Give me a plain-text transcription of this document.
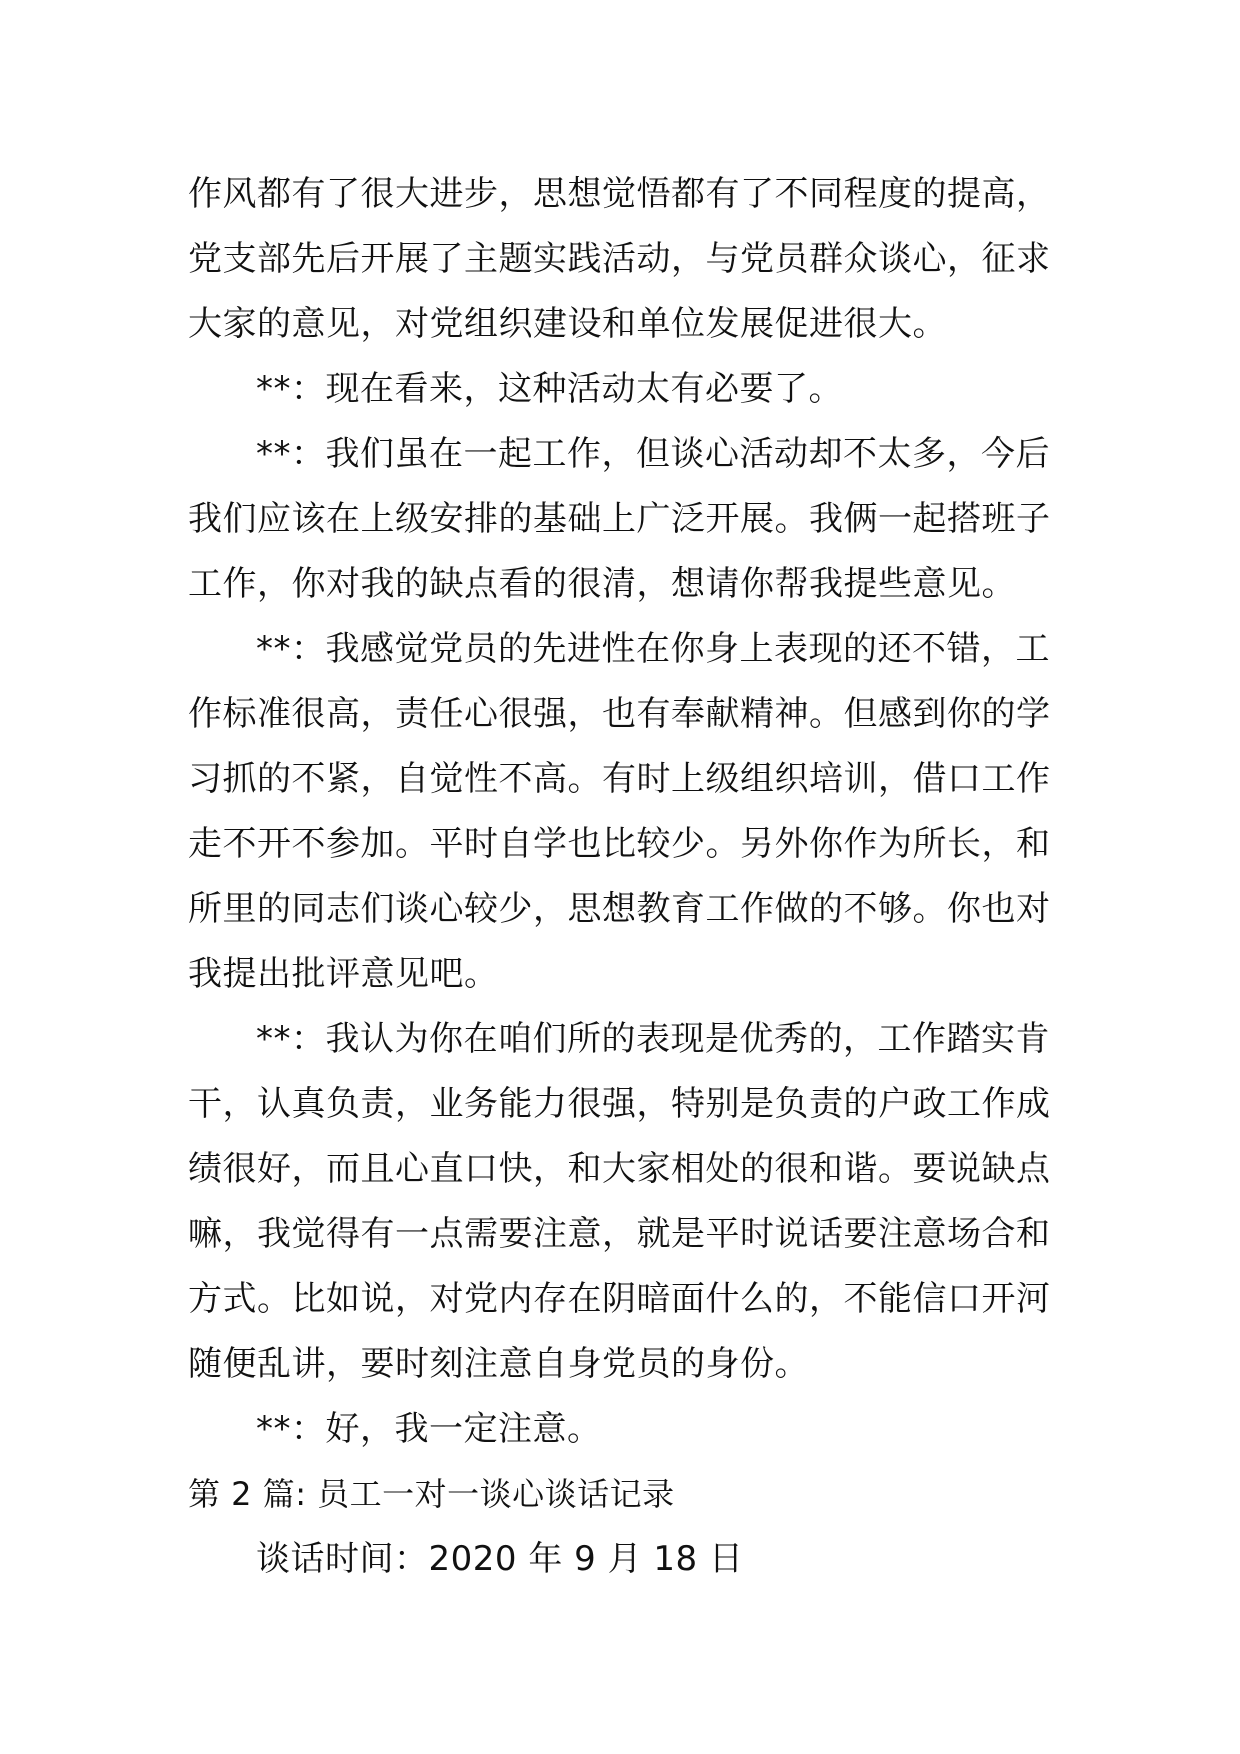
作风都有了很大进步，思想觉悟都有了不同程度的提高，
党支部先后开展了主题实践活动，与党员群众谈心，征求
大家的意见，对党组织建设和单位发展促进很大。
**：现在看来，这种活动太有必要了。
**：我们虽在一起工作，但谈心活动却不太多，今后
我们应该在上级安排的基础上广泛开展。我俩一起搭班子
工作，你对我的缺点看的很清，想请你帮我提些意见。
**：我感觉党员的先进性在你身上表现的还不错，工
作标准很高，责任心很强，也有奉献精神。但感到你的学
习抓的不紧，自觉性不高。有时上级组织培训，借口工作
走不开不参加。平时自学也比较少。另外你作为所长，和
所里的同志们谈心较少，思想教育工作做的不够。你也对
我提出批评意见吧。
**：我认为你在咱们所的表现是优秀的，工作踏实肯
干，认真负责，业务能力很强，特别是负责的户政工作成
绩很好，而且心直口快，和大家相处的很和谐。要说缺点
嘛，我觉得有一点需要注意，就是平时说话要注意场合和
方式。比如说，对党内存在阴暗面什么的，不能信口开河
随便乱讲，要时刻注意自身党员的身份。
**：好，我一定注意。
第 2 篇: 员工一对一谈心谈话记录
谈话时间：2020 年 9 月 18 日
